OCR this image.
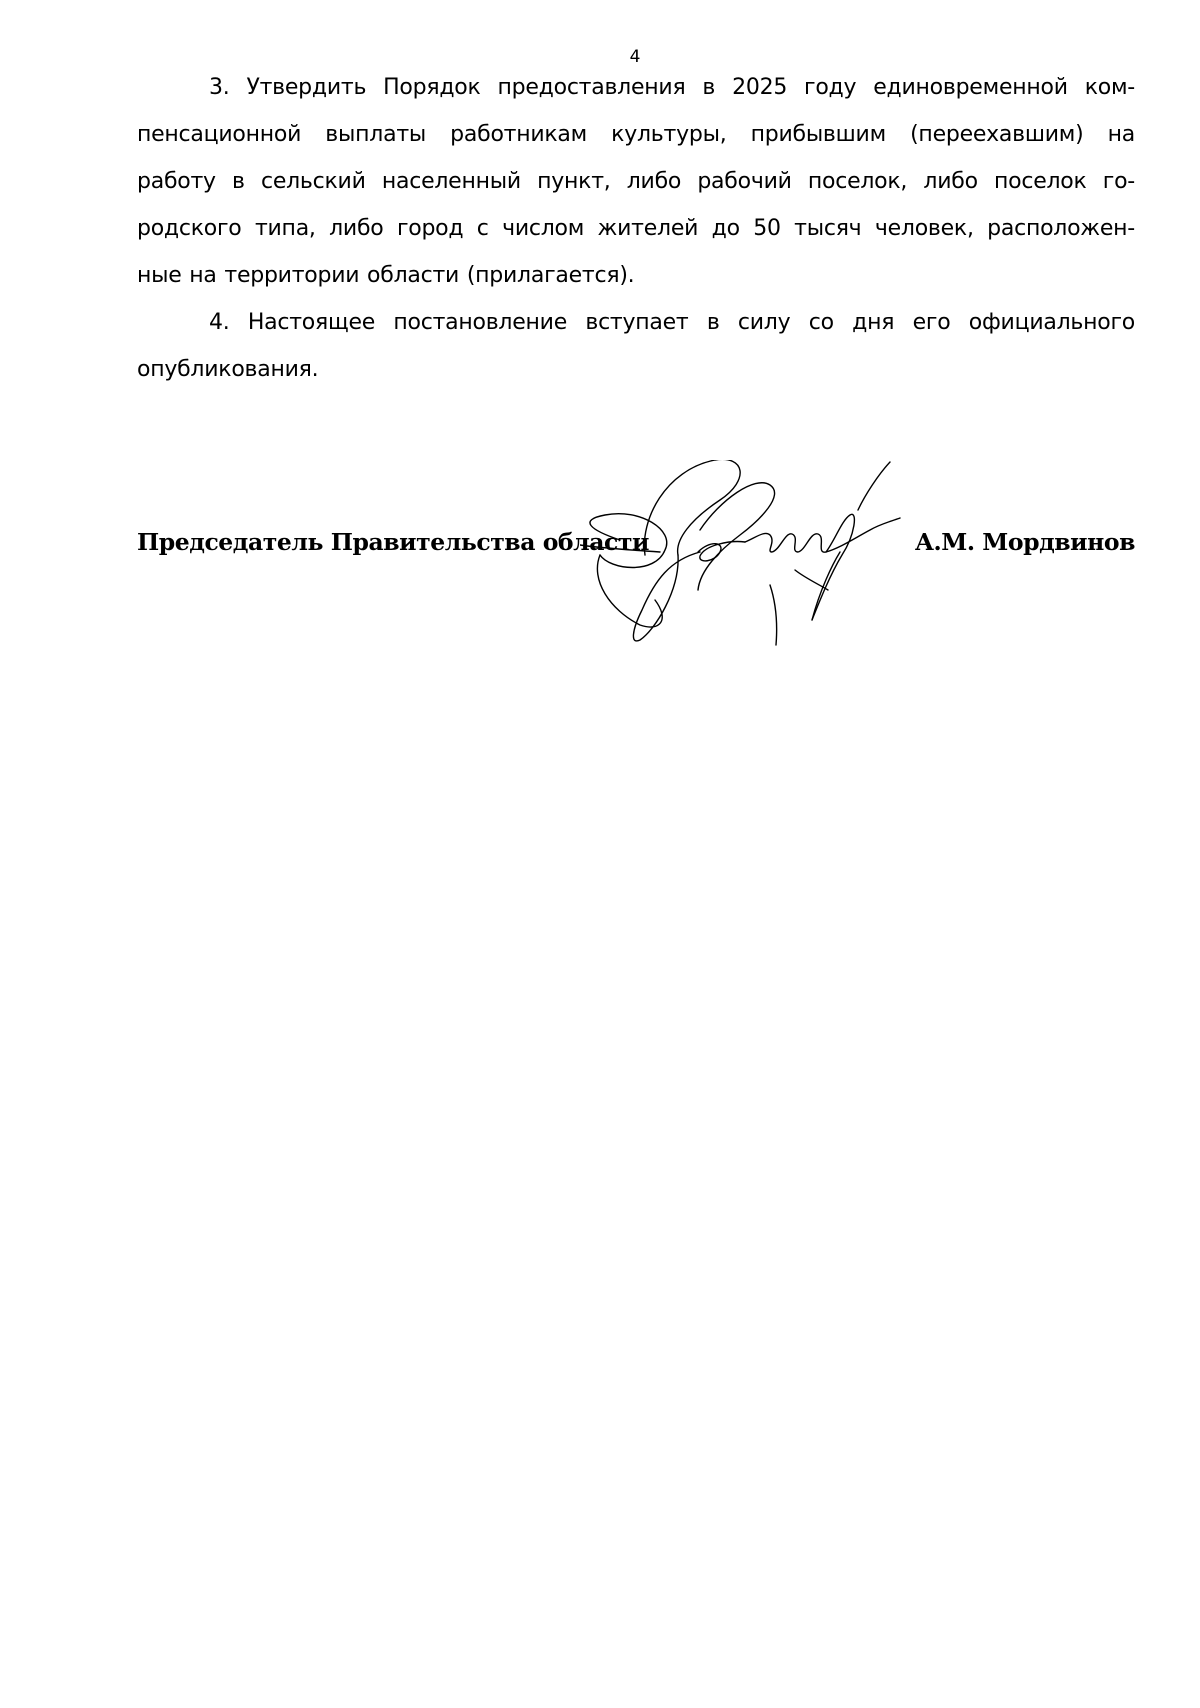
4
3. Утвердить Порядок предоставления в 2025 году единовременной ком-
пенсационной выплаты работникам культуры, прибывшим (переехавшим) на
работу в сельский населенный пункт, либо рабочий поселок, либо поселок го-
родского типа, либо город с числом жителей до 50 тысяч человек, расположен-
ные на территории области (прилагается).
4. Настоящее постановление вступает в силу со дня его официального
опубликования.
Председатель Правительства области	А.М. Мордвинов
